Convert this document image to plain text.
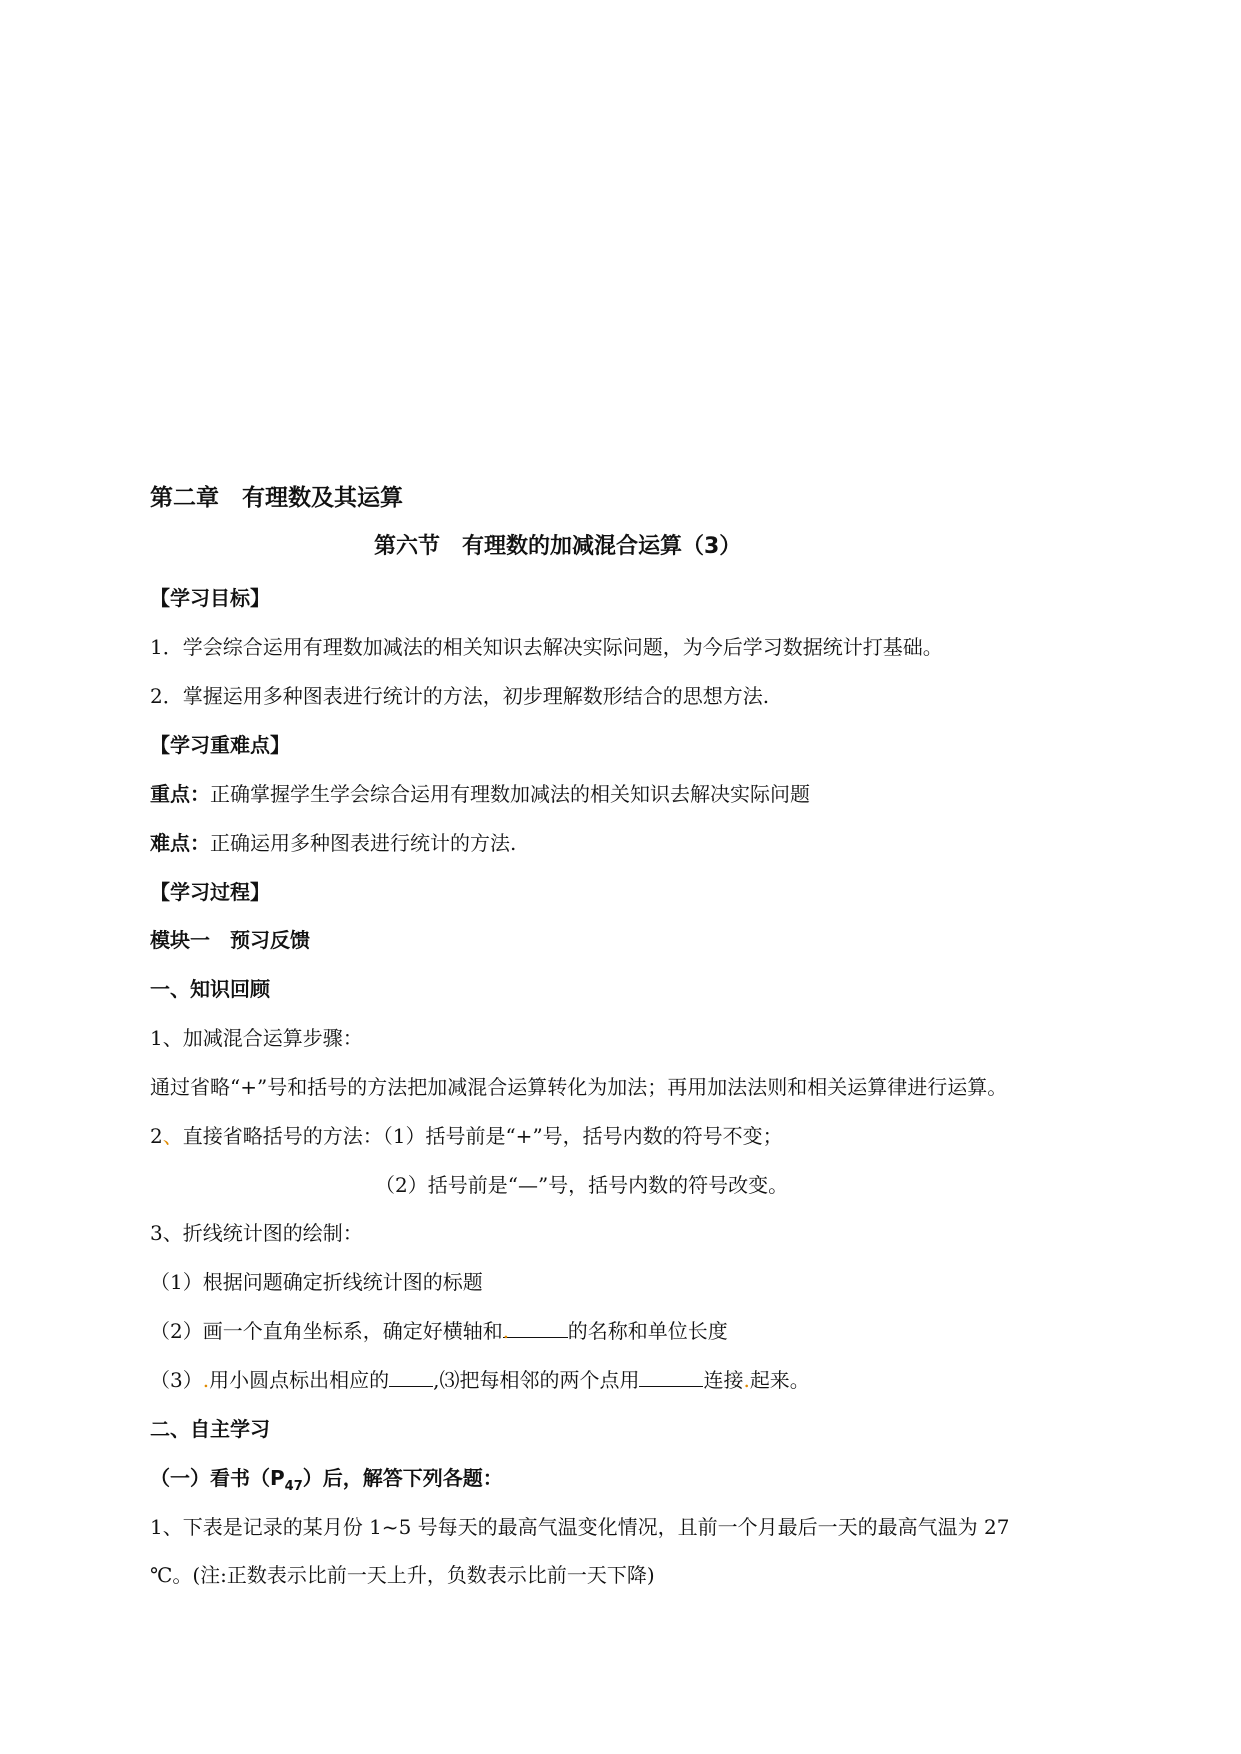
第二章　有理数及其运算
第六节　有理数的加减混合运算（3）
【学习目标】
1．学会综合运用有理数加减法的相关知识去解决实际问题，为今后学习数据统计打基础。
2．掌握运用多种图表进行统计的方法，初步理解数形结合的思想方法.
【学习重难点】
重点：正确掌握学生学会综合运用有理数加减法的相关知识去解决实际问题
难点：正确运用多种图表进行统计的方法.
【学习过程】
模块一　预习反馈
一、知识回顾
1、加减混合运算步骤：
通过省略“+”号和括号的方法把加减混合运算转化为加法；再用加法法则和相关运算律进行运算。
2、直接省略括号的方法：（1）括号前是“+”号，括号内数的符号不变；
（2）括号前是“—”号，括号内数的符号改变。
3、折线统计图的绘制：
（1）根据问题确定折线统计图的标题
（2）画一个直角坐标系，确定好横轴和.	的名称和单位长度
（3）.用小圆点标出相应的 ,⑶把每相邻的两个点用	连接.起来。
二、自主学习
（一）看书$(P_{47})$后，解答下列各题：
1、下表是记录的某月份 1~5 号每天的最高气温变化情况，且前一个月最后一天的最高气温为 27
℃。(注:正数表示比前一天上升，负数表示比前一天下降)
